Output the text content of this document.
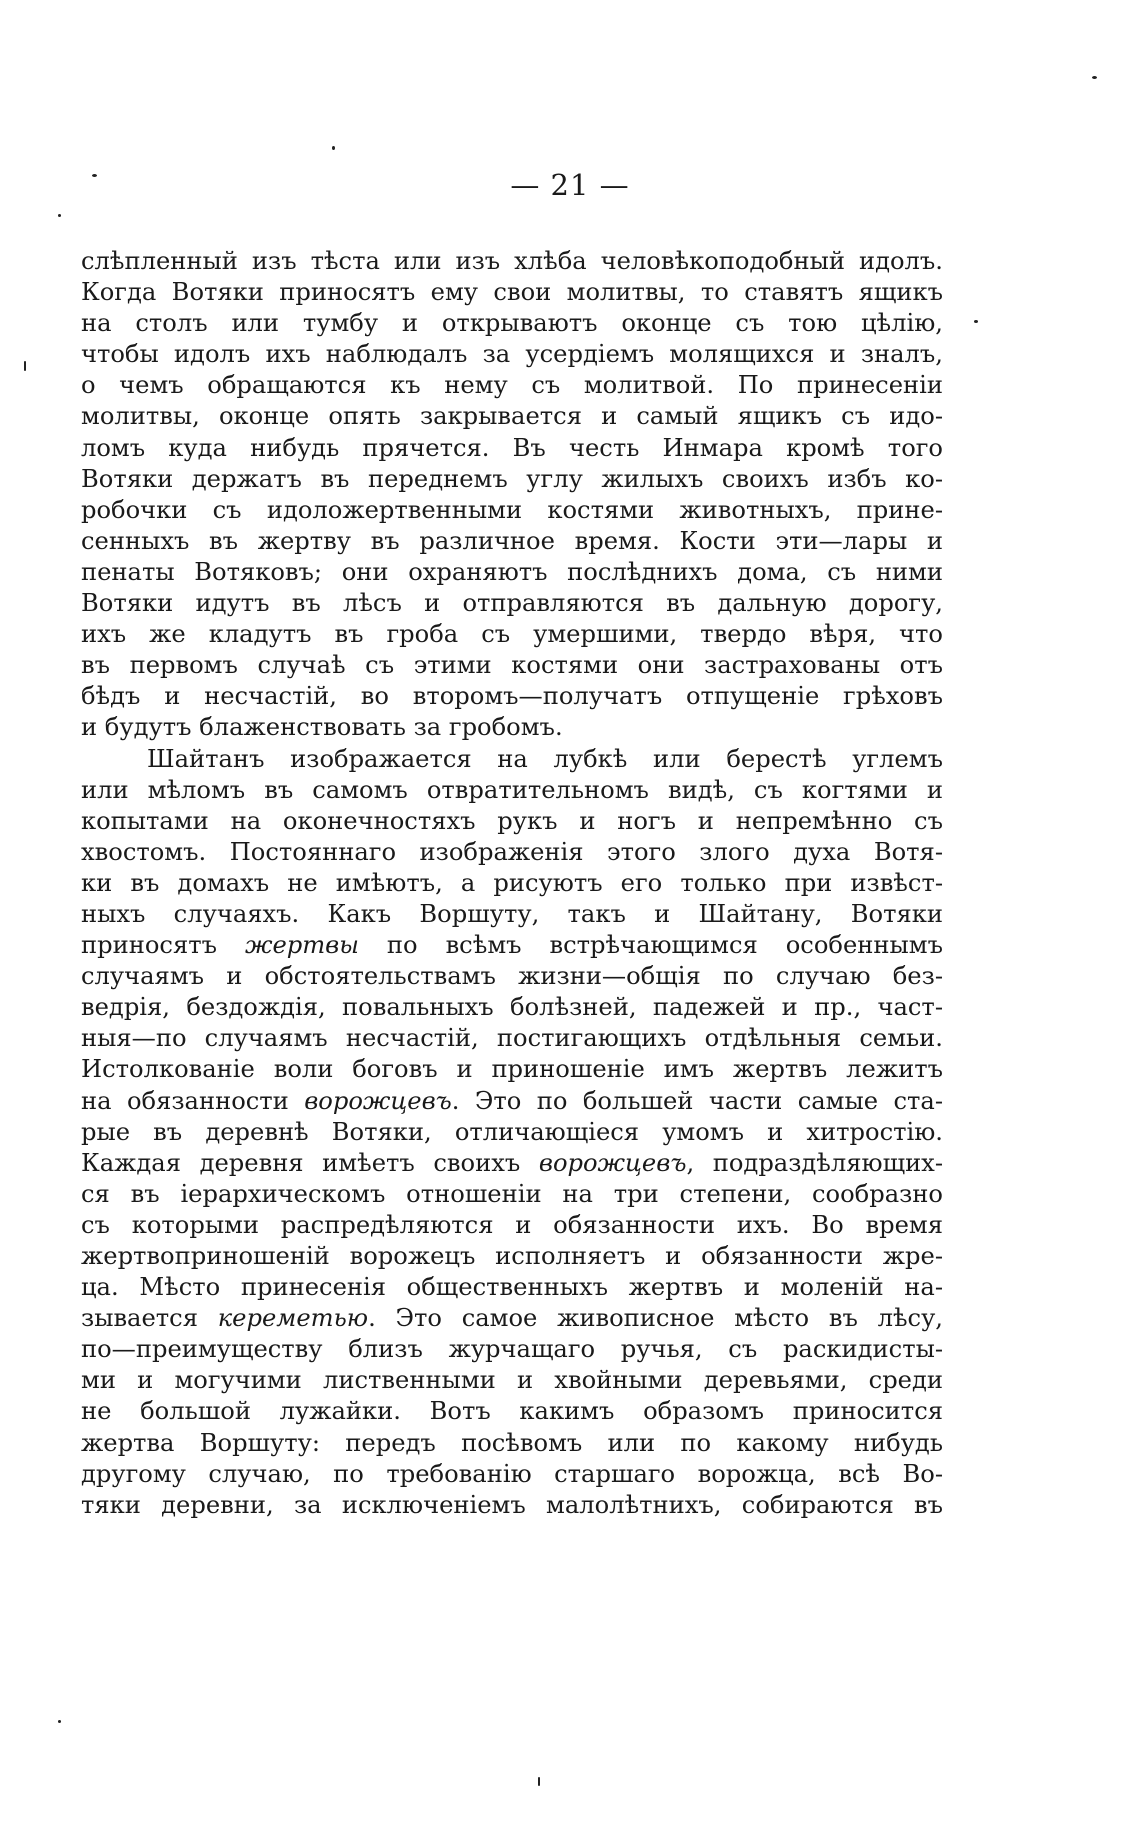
— 21 —
слѣпленный изъ тѣста или изъ хлѣба человѣкоподобный идолъ.
Когда Вотяки приносятъ ему свои молитвы, то ставятъ ящикъ
на столъ или тумбу и открываютъ оконце съ тою цѣлію,
чтобы идолъ ихъ наблюдалъ за усердіемъ молящихся и зналъ,
о чемъ обращаются къ нему съ молитвой. По принесеніи
молитвы, оконце опять закрывается и самый ящикъ съ идо-
ломъ куда нибудь прячется. Въ честь Инмара кромѣ того
Вотяки держатъ въ переднемъ углу жилыхъ своихъ избъ ко-
робочки съ идоложертвенными костями животныхъ, прине-
сенныхъ въ жертву въ различное время. Кости эти—лары и
пенаты Вотяковъ; они охраняютъ послѣднихъ дома, съ ними
Вотяки идутъ въ лѣсъ и отправляются въ дальную дорогу,
ихъ же кладутъ въ гроба съ умершими, твердо вѣря, что
въ первомъ случаѣ съ этими костями они застрахованы отъ
бѣдъ и несчастій, во второмъ—получатъ отпущеніе грѣховъ
и будутъ блаженствовать за гробомъ.
Шайтанъ изображается на лубкѣ или берестѣ углемъ
или мѣломъ въ самомъ отвратительномъ видѣ, съ когтями и
копытами на оконечностяхъ рукъ и ногъ и непремѣнно съ
хвостомъ. Постояннаго изображенія этого злого духа Вотя-
ки въ домахъ не имѣютъ, а рисуютъ его только при извѣст-
ныхъ случаяхъ. Какъ Воршуту, такъ и Шайтану, Вотяки
приносятъ жертвы по всѣмъ встрѣчающимся особеннымъ
случаямъ и обстоятельствамъ жизни—общія по случаю без-
ведрія, бездождія, повальныхъ болѣзней, падежей и пр., част-
ныя—по случаямъ несчастій, постигающихъ отдѣльныя семьи.
Истолкованіе воли боговъ и приношеніе имъ жертвъ лежитъ
на обязанности ворожцевъ. Это по большей части самые ста-
рые въ деревнѣ Вотяки, отличающіеся умомъ и хитростію.
Каждая деревня имѣетъ своихъ ворожцевъ, подраздѣляющих-
ся въ іерархическомъ отношеніи на три степени, сообразно
съ которыми распредѣляются и обязанности ихъ. Во время
жертвоприношеній ворожецъ исполняетъ и обязанности жре-
ца. Мѣсто принесенія общественныхъ жертвъ и моленій на-
зывается кереметью. Это самое живописное мѣсто въ лѣсу,
по—преимуществу близъ журчащаго ручья, съ раскидисты-
ми и могучими лиственными и хвойными деревьями, среди
не большой лужайки. Вотъ какимъ образомъ приносится
жертва Воршуту: передъ посѣвомъ или по какому нибудь
другому случаю, по требованію старшаго ворожца, всѣ Во-
тяки деревни, за исключеніемъ малолѣтнихъ, собираются въ
